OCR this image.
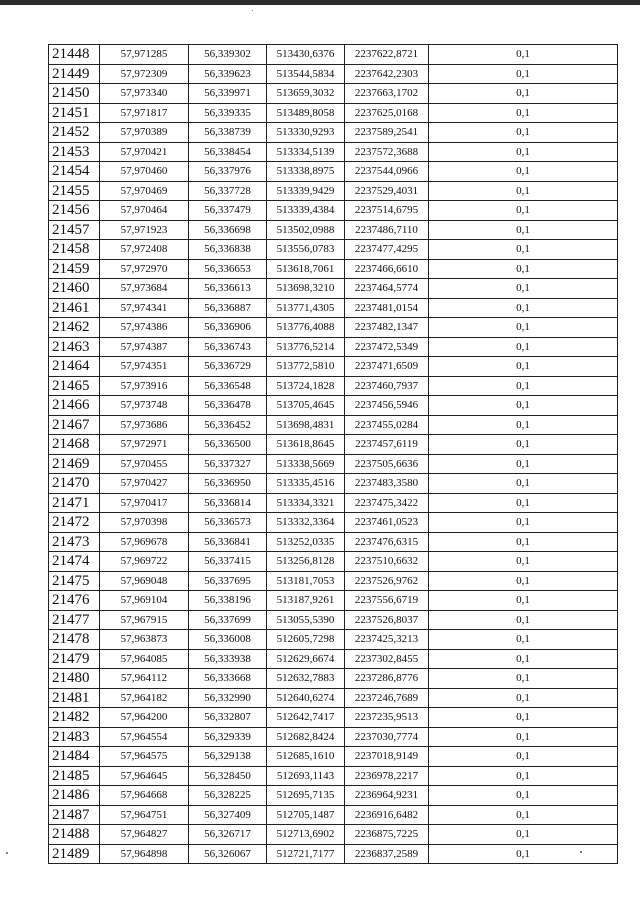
21448	57,971285	56,339302	513430,6376	2237622,8721	0,1
21449	57,972309	56,339623	513544,5834	2237642,2303	0,1
21450	57,973340	56,339971	513659,3032	2237663,1702	0,1
21451	57,971817	56,339335	513489,8058	2237625,0168	0,1
21452	57,970389	56,338739	513330,9293	2237589,2541	0,1
21453	57,970421	56,338454	513334,5139	2237572,3688	0,1
21454	57,970460	56,337976	513338,8975	2237544,0966	0,1
21455	57,970469	56,337728	513339,9429	2237529,4031	0,1
21456	57,970464	56,337479	513339,4384	2237514,6795	0,1
21457	57,971923	56,336698	513502,0988	2237486,7110	0,1
21458	57,972408	56,336838	513556,0783	2237477,4295	0,1
21459	57,972970	56,336653	513618,7061	2237466,6610	0,1
21460	57,973684	56,336613	513698,3210	2237464,5774	0,1
21461	57,974341	56,336887	513771,4305	2237481,0154	0,1
21462	57,974386	56,336906	513776,4088	2237482,1347	0,1
21463	57,974387	56,336743	513776,5214	2237472,5349	0,1
21464	57,974351	56,336729	513772,5810	2237471,6509	0,1
21465	57,973916	56,336548	513724,1828	2237460,7937	0,1
21466	57,973748	56,336478	513705,4645	2237456,5946	0,1
21467	57,973686	56,336452	513698,4831	2237455,0284	0,1
21468	57,972971	56,336500	513618,8645	2237457,6119	0,1
21469	57,970455	56,337327	513338,5669	2237505,6636	0,1
21470	57,970427	56,336950	513335,4516	2237483,3580	0,1
21471	57,970417	56,336814	513334,3321	2237475,3422	0,1
21472	57,970398	56,336573	513332,3364	2237461,0523	0,1
21473	57,969678	56,336841	513252,0335	2237476,6315	0,1
21474	57,969722	56,337415	513256,8128	2237510,6632	0,1
21475	57,969048	56,337695	513181,7053	2237526,9762	0,1
21476	57,969104	56,338196	513187,9261	2237556,6719	0,1
21477	57,967915	56,337699	513055,5390	2237526,8037	0,1
21478	57,963873	56,336008	512605,7298	2237425,3213	0,1
21479	57,964085	56,333938	512629,6674	2237302,8455	0,1
21480	57,964112	56,333668	512632,7883	2237286,8776	0,1
21481	57,964182	56,332990	512640,6274	2237246,7689	0,1
21482	57,964200	56,332807	512642,7417	2237235,9513	0,1
21483	57,964554	56,329339	512682,8424	2237030,7774	0,1
21484	57,964575	56,329138	512685,1610	2237018,9149	0,1
21485	57,964645	56,328450	512693,1143	2236978,2217	0,1
21486	57,964668	56,328225	512695,7135	2236964,9231	0,1
21487	57,964751	56,327409	512705,1487	2236916,6482	0,1
21488	57,964827	56,326717	512713,6902	2236875,7225	0,1
21489	57,964898	56,326067	512721,7177	2236837,2589	0,1
